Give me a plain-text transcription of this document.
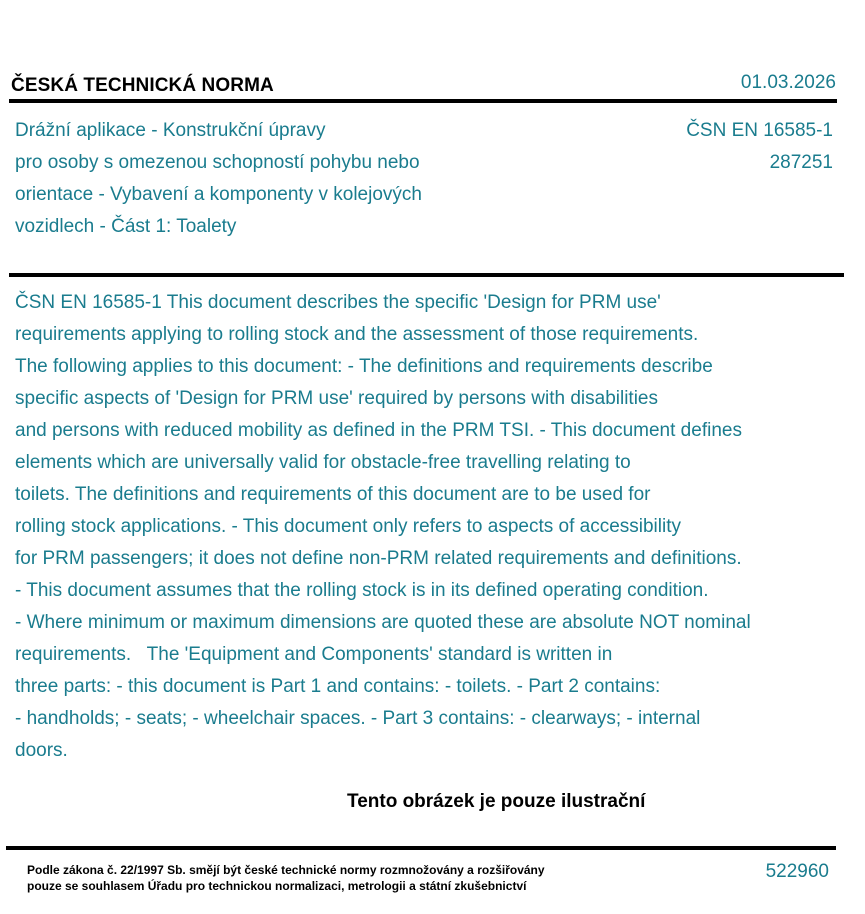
ČESKÁ TECHNICKÁ NORMA	01.03.2026
Drážní aplikace - Konstrukční úpravy
pro osoby s omezenou schopností pohybu nebo
orientace - Vybavení a komponenty v kolejových
vozidlech - Část 1: Toalety
ČSN EN 16585-1
287251
ČSN EN 16585-1 This document describes the specific 'Design for PRM use'
requirements applying to rolling stock and the assessment of those requirements.
The following applies to this document: - The definitions and requirements describe
specific aspects of 'Design for PRM use' required by persons with disabilities
and persons with reduced mobility as defined in the PRM TSI. - This document defines
elements which are universally valid for obstacle-free travelling relating to
toilets. The definitions and requirements of this document are to be used for
rolling stock applications. - This document only refers to aspects of accessibility
for PRM passengers; it does not define non-PRM related requirements and definitions.
- This document assumes that the rolling stock is in its defined operating condition.
- Where minimum or maximum dimensions are quoted these are absolute NOT nominal
requirements.   The 'Equipment and Components' standard is written in
three parts: - this document is Part 1 and contains: - toilets. - Part 2 contains:
- handholds; - seats; - wheelchair spaces. - Part 3 contains: - clearways; - internal
doors.
Tento obrázek je pouze ilustrační
Podle zákona č. 22/1997 Sb. smějí být české technické normy rozmnožovány a rozšiřovány
pouze se souhlasem Úřadu pro technickou normalizaci, metrologii a státní zkušebnictví
522960
